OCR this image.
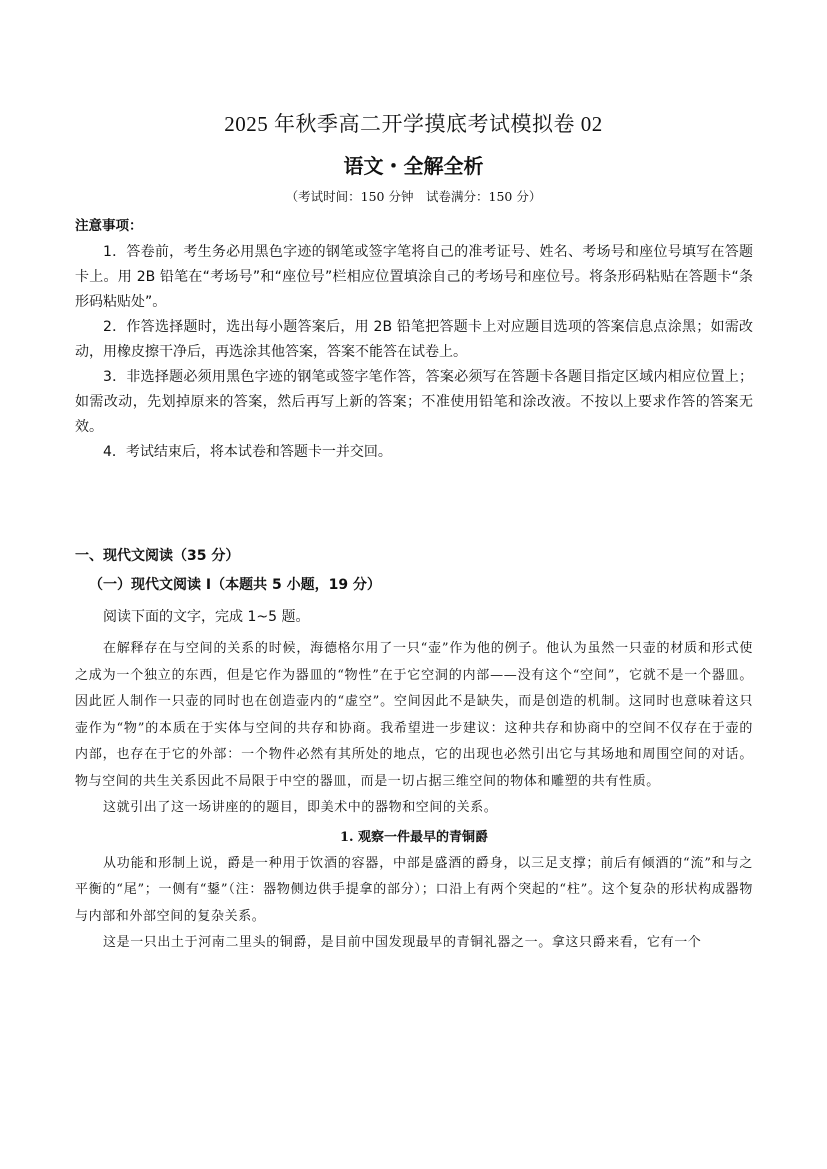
2025 年秋季高二开学摸底考试模拟卷 02
语文・全解全析
（考试时间：150 分钟　试卷满分：150 分）
注意事项：

1．答卷前，考生务必用黑色字迹的钢笔或签字笔将自己的准考证号、姓名、考场号和座位号填写在答题卡上。用 2B 铅笔在“考场号”和“座位号”栏相应位置填涂自己的考场号和座位号。将条形码粘贴在答题卡“条形码粘贴处”。

2．作答选择题时，选出每小题答案后，用 2B 铅笔把答题卡上对应题目选项的答案信息点涂黑；如需改动，用橡皮擦干净后，再选涂其他答案，答案不能答在试卷上。

3．非选择题必须用黑色字迹的钢笔或签字笔作答，答案必须写在答题卡各题目指定区域内相应位置上；如需改动，先划掉原来的答案，然后再写上新的答案；不准使用铅笔和涂改液。不按以上要求作答的答案无效。

4．考试结束后，将本试卷和答题卡一并交回。

一、现代文阅读（35 分）
（一）现代文阅读 I（本题共 5 小题，19 分）
阅读下面的文字，完成 1~5 题。

在解释存在与空间的关系的时候，海德格尔用了一只“壶”作为他的例子。他认为虽然一只壶的材质和形式使之成为一个独立的东西，但是它作为器皿的“物性”在于它空洞的内部——没有这个“空间”，它就不是一个器皿。因此匠人制作一只壶的同时也在创造壶内的“虚空”。空间因此不是缺失，而是创造的机制。这同时也意味着这只壶作为“物”的本质在于实体与空间的共存和协商。我希望进一步建议：这种共存和协商中的空间不仅存在于壶的内部，也存在于它的外部：一个物件必然有其所处的地点，它的出现也必然引出它与其场地和周围空间的对话。物与空间的共生关系因此不局限于中空的器皿，而是一切占据三维空间的物体和雕塑的共有性质。

这就引出了这一场讲座的的题目，即美术中的器物和空间的关系。

1. 观察一件最早的青铜爵

从功能和形制上说，爵是一种用于饮酒的容器，中部是盛酒的爵身，以三足支撑；前后有倾酒的“流”和与之平衡的“尾”；一侧有“鋬”（注：器物侧边供手提拿的部分）；口沿上有两个突起的“柱”。这个复杂的形状构成器物与内部和外部空间的复杂关系。

这是一只出土于河南二里头的铜爵，是目前中国发现最早的青铜礼器之一。拿这只爵来看，它有一个
